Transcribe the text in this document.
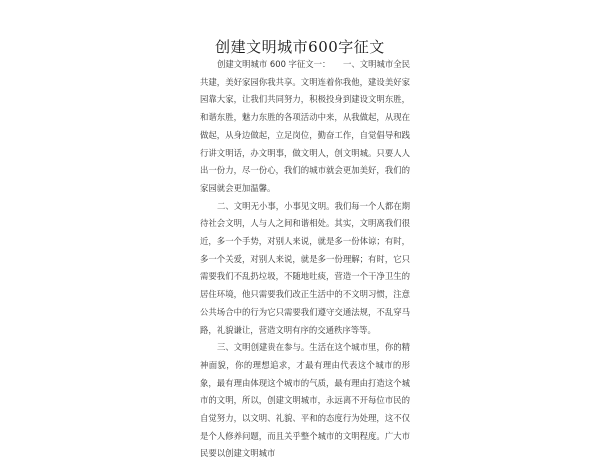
创建文明城市600字征文

创建文明城市 600 字征文一：　　一、文明城市全民共建，美好家园你我共享。文明连着你我他，建设美好家园靠大家，让我们共同努力，积极投身到建设文明东胜，和谐东胜，魅力东胜的各项活动中来，从我做起，从现在做起，从身边做起，立足岗位，勤奋工作，自觉倡导和践行讲文明话，办文明事，做文明人，创文明城。只要人人出一份力，尽一份心，我们的城市就会更加美好，我们的家园就会更加温馨。

二、文明无小事，小事见文明。我们每一个人都在期待社会文明，人与人之间和谐相处。其实，文明离我们很近，多一个手势，对别人来说，就是多一份体谅；有时，多一个关爱，对别人来说，就是多一份理解；有时，它只需要我们不乱扔垃圾，不随地吐痰，营造一个干净卫生的居住环境，他只需要我们改正生活中的不文明习惯，注意公共场合中的行为它只需要我们遵守交通法规，不乱穿马路，礼貌谦让，营造文明有序的交通秩序等等。

三、文明创建贵在参与。生活在这个城市里，你的精神面貌，你的理想追求，才最有理由代表这个城市的形象，最有理由体现这个城市的气质，最有理由打造这个城市的文明，所以，创建文明城市，永远离不开每位市民的自觉努力，以文明、礼貌、平和的态度行为处理，这不仅是个人修养问题，而且关乎整个城市的文明程度。广大市民要以创建文明城市
